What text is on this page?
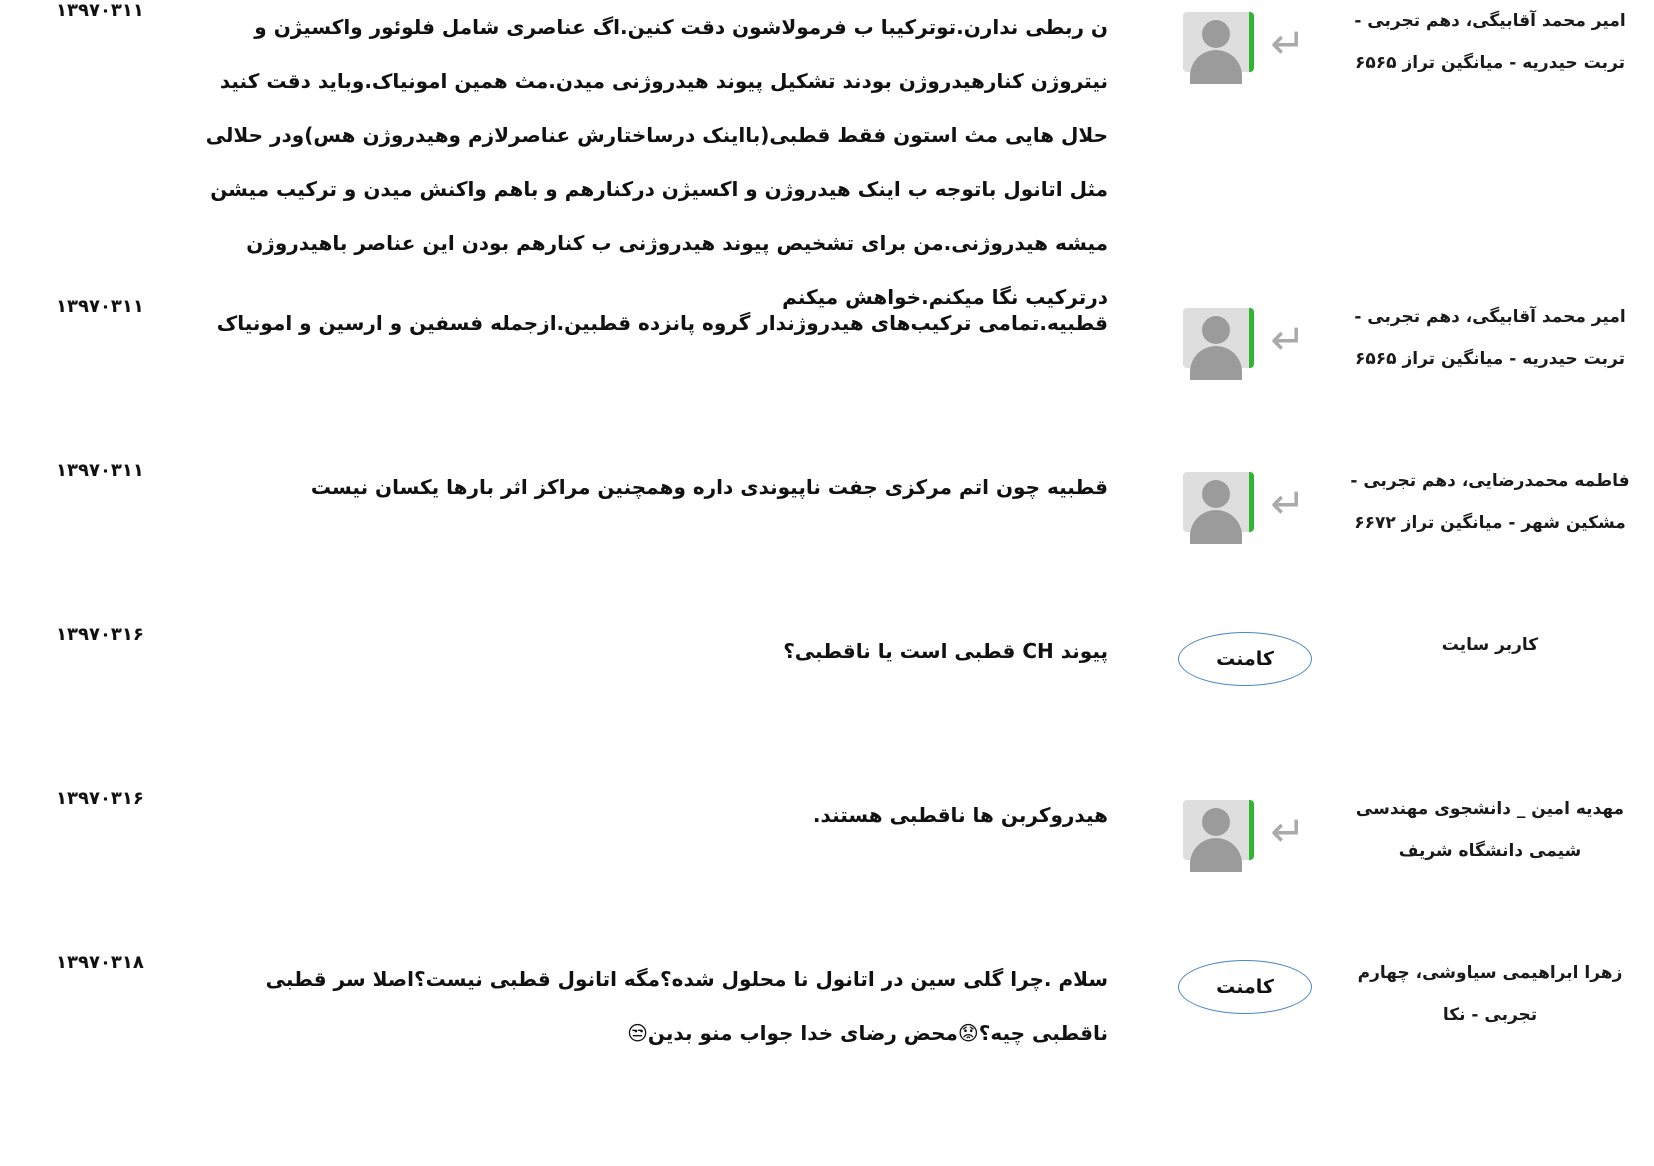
امیر محمد آقابیگی، دهم تجربی - تربت حیدریه - میانگین تراز ۶۵۶۵
↵
ن ربطی ندارن.توترکیبا ب فرمولاشون دقت کنین.اگ عناصری شامل فلوئور واکسیژن و نیتروژن کنارهیدروژن بودند تشکیل پیوند هیدروژنی میدن.مث همین امونیاک.وباید دقت کنید حلال هایی مث استون فقط قطبی(بااینک درساختارش عناصرلازم وهیدروژن هس)ودر حلالی مثل اتانول باتوجه ب اینک هیدروژن و اکسیژن درکنارهم و باهم واکنش میدن و ترکیب میشن میشه هیدروژنی.من برای تشخیص پیوند هیدروژنی ب کنارهم بودن این عناصر باهیدروژن درترکیب نگا میکنم.خواهش میکنم
۱۳۹۷۰۳۱۱
امیر محمد آقابیگی، دهم تجربی - تربت حیدریه - میانگین تراز ۶۵۶۵
↵
قطبیه.تمامی ترکیب‌های هیدروژندار گروه پانزده قطبین.ازجمله فسفین و ارسین و امونیاک
۱۳۹۷۰۳۱۱
فاطمه محمدرضایی، دهم تجربی - مشکین شهر - میانگین تراز ۶۶۷۲
↵
قطبیه چون اتم مرکزی جفت ناپیوندی داره وهمچنین مراکز اثر بارها یکسان نیست
۱۳۹۷۰۳۱۱
کاربر سایت
کامنت
پیوند CH قطبی است یا ناقطبی؟
۱۳۹۷۰۳۱۶
مهدیه امین _ دانشجوی مهندسی شیمی دانشگاه شریف
↵
هیدروکربن ها ناقطبی هستند.
۱۳۹۷۰۳۱۶
زهرا ابراهیمی سیاوشی، چهارم تجربی - نکا
کامنت
سلام .چرا گلی سین در اتانول نا محلول شده؟مگه اتانول قطبی نیست؟اصلا سر قطبی ناقطبی چیه؟😟محض رضای خدا جواب منو بدین😒
۱۳۹۷۰۳۱۸
